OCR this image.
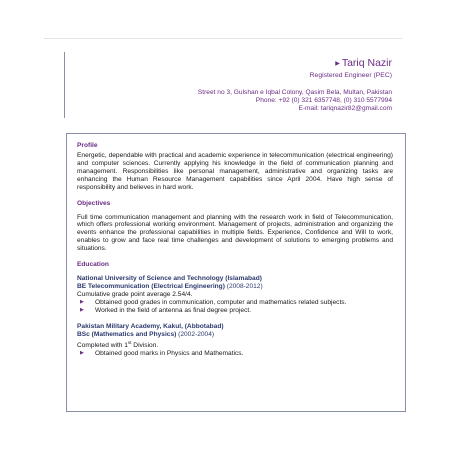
▶ Tariq Nazir
Registered Engineer (PEC)
Street no 3, Gulshan e Iqbal Colony, Qasim Bela, Multan, Pakistan
Phone: +92 (0) 321 6357748, (0) 310 5577994
E-mail: tariqnazir82@gmail.com
Profile

Energetic, dependable with practical and academic experience in telecommunication (electrical engineering) and computer sciences. Currently applying his knowledge in the field of communication planning and management. Responsibilities like personal management, administrative and organizing tasks are enhancing the Human Resource Management capabilities since April 2004. Have high sense of responsibility and believes in hard work.

Objectives

Full time communication management and planning with the research work in field of Telecommunication, which offers professional working environment. Management of projects, administration and organizing the events enhance the professional capabilities in multiple fields. Experience, Confidence and Will to work, enables to grow and face real time challenges and development of solutions to emerging problems and situations.

Education
National University of Science and Technology (Islamabad)
BE Telecommunication (Electrical Engineering) (2008-2012)
Cumulative grade point average 2.54/4.
▶ Obtained good grades in communication, computer and mathematics related subjects.
▶ Worked in the field of antenna as final degree project.
Pakistan Military Academy, Kakul, (Abbotabad)
BSc (Mathematics and Physics) (2002-2004)
Completed with 1st Division.
▶ Obtained good marks in Physics and Mathematics.
